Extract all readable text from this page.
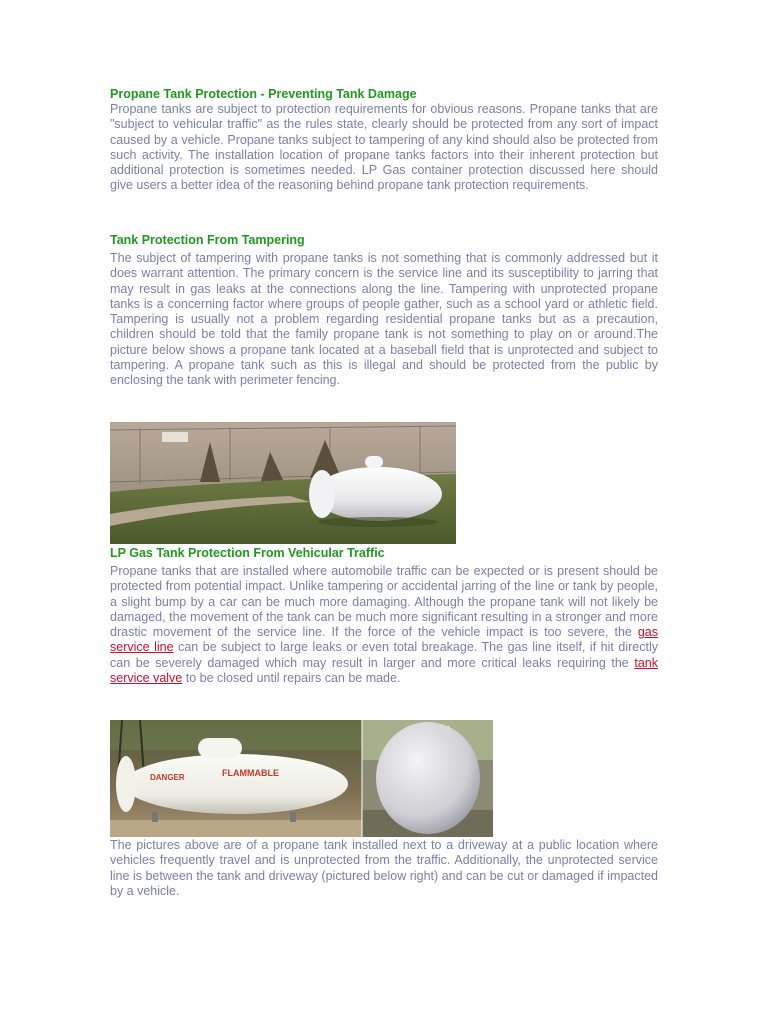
Propane Tank Protection - Preventing Tank Damage

Propane tanks are subject to protection requirements for obvious reasons. Propane tanks that are "subject to vehicular traffic" as the rules state, clearly should be protected from any sort of impact caused by a vehicle. Propane tanks subject to tampering of any kind should also be protected from such activity. The installation location of propane tanks factors into their inherent protection but additional protection is sometimes needed. LP Gas container protection discussed here should give users a better idea of the reasoning behind propane tank protection requirements.

Tank Protection From Tampering

The subject of tampering with propane tanks is not something that is commonly addressed but it does warrant attention. The primary concern is the service line and its susceptibility to jarring that may result in gas leaks at the connections along the line. Tampering with unprotected propane tanks is a concerning factor where groups of people gather, such as a school yard or athletic field. Tampering is usually not a problem regarding residential propane tanks but as a precaution, children should be told that the family propane tank is not something to play on or around.The picture below shows a propane tank located at a baseball field that is unprotected and subject to tampering. A propane tank such as this is illegal and should be protected from the public by enclosing the tank with perimeter fencing.

LP Gas Tank Protection From Vehicular Traffic

Propane tanks that are installed where automobile traffic can be expected or is present should be protected from potential impact. Unlike tampering or accidental jarring of the line or tank by people, a slight bump by a car can be much more damaging. Although the propane tank will not likely be damaged, the movement of the tank can be much more significant resulting in a stronger and more drastic movement of the service line. If the force of the vehicle impact is too severe, the gas service line can be subject to large leaks or even total breakage. The gas line itself, if hit directly can be severely damaged which may result in larger and more critical leaks requiring the tank service valve to be closed until repairs can be made.

DANGER	FLAMMABLE

The pictures above are of a propane tank installed next to a driveway at a public location where vehicles frequently travel and is unprotected from the traffic. Additionally, the unprotected service line is between the tank and driveway (pictured below right) and can be cut or damaged if impacted by a vehicle.
